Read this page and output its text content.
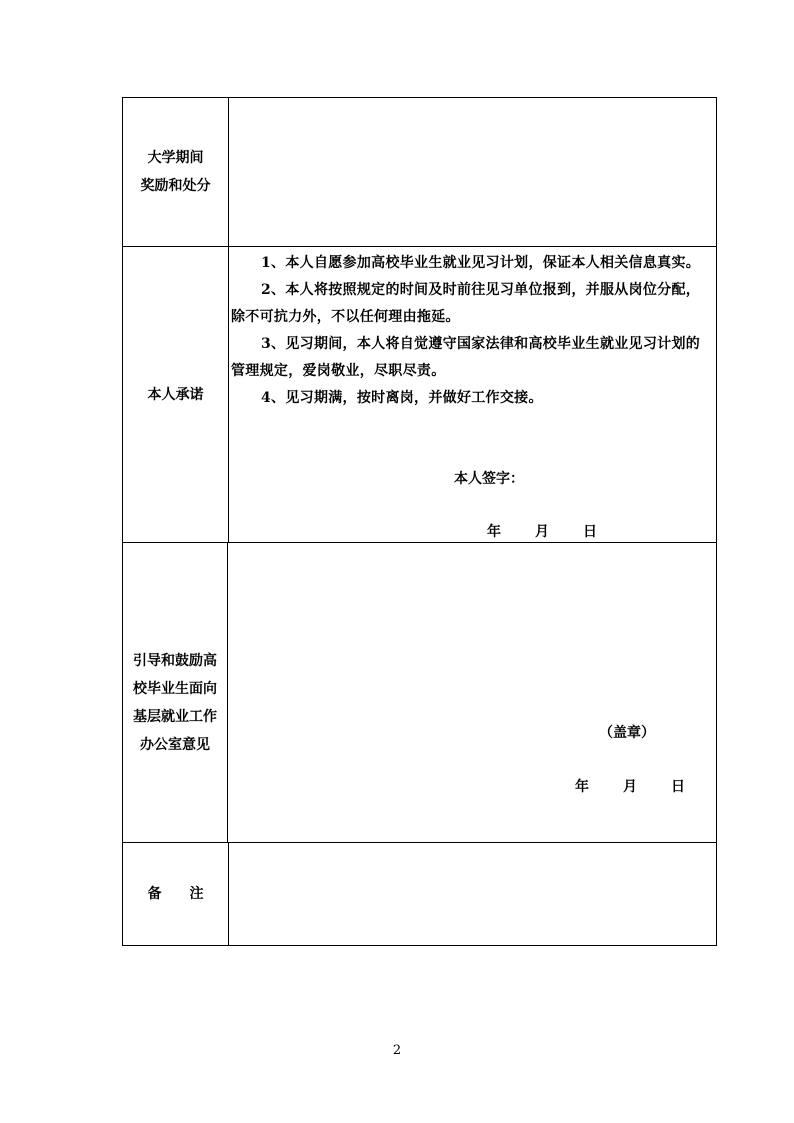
大学期间
奖励和处分
本人承诺
1、本人自愿参加高校毕业生就业见习计划，保证本人相关信息真实。
2、本人将按照规定的时间及时前往见习单位报到，并服从岗位分配，除不可抗力外，不以任何理由拖延。
3、见习期间，本人将自觉遵守国家法律和高校毕业生就业见习计划的管理规定，爱岗敬业，尽职尽责。
4、见习期满，按时离岗，并做好工作交接。
本人签字：
年 月 日
引导和鼓励高
校毕业生面向
基层就业工作
办公室意见
（盖章）
年 月 日
备　　注
2
